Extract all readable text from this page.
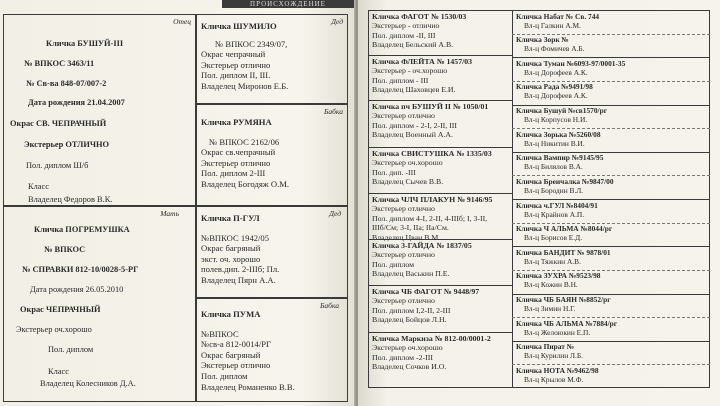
ПРОИСХОЖДЕНИЕ
Отец
Кличка БУШУЙ-III
№ ВПКОС 3463/11
№ Св-ва 848-07/007-2
Дата рождения 21.04.2007
Окрас СВ. ЧЕПРАЧНЫЙ
Экстерьер ОТЛИЧНО
Пол. диплом Ш/б
Класс
Владелец Федоров В.К.
Дед
Кличка ШУМИЛО
№ ВПКОС 2349/07,
Окрас чепрачный
Экстерьер отлично
Пол. диплом II, III.
Владелец Миронов Е.Б.
Бабка
Кличка РУМЯНА
№ ВПКОС 2162/06
Окрас св.чепрачный
Экстерьер отлично
Пол. диплом 2-III
Владелец Богодяж О.М.
Мать
Кличка ПОГРЕМУШКА
№ ВПКОС
№ СПРАВКИ 812-10/0028-5-РГ
Дата рождения 26.05.2010
Окрас ЧЕПРАЧНЫЙ
Экстерьер оч.хорошо
Пол. диплом
Класс
Владелец Колесников Д.А.
Дед
Кличка П-ГУЛ
№ВПКОС 1942/05
Окрас багряный
экст. оч. хорошо
полев.дип. 2-IIIб; Пл.
Владелец Пярн А.А.
Бабка
Кличка ПУМА
№ВПКОС
№св-а 812-0014/РГ
Окрас багряный
Экстерьер отлично
Пол. диплом
Владелец Романенко В.В.
Кличка ФАГОТ № 1530/03
Экстерьер - отлично
Пол. диплом -II, III
Владелец Бельский А.В.
Кличка ФЛЕЙТА № 1457/03
Экстерьер - оч.хорошо
Пол. диплом - III
Владелец Шаховцев Е.И.
Кличка пч БУШУЙ II № 1050/01
Экстерьер отлично
Пол. диплом - 2-I, 2-II, III
Владелец Военный А.А.
Кличка СВИСТУШКА № 1335/03
Экстерьер оч.хорошо
Пол. дип. -III
Владелец Сычев В.В.
Кличка ЧЛЧ ПЛАКУН № 9146/95
Экстерьер отлично
Пол. диплом 4-I, 2-II, 4-IIIб; I, 3-II,
IIIб/См; 3-I, IIа; IIа/См.
Владелец Цван В.М.
Кличка 3-ГАЙДА № 1837/05
Экстерьер отлично
Пол. диплом
Владелец Васькин П.Е.
Кличка ЧБ ФАГОТ № 9448/97
Экстерьер отлично
Пол. диплом I,2-II, 2-III
Владелец Бойцов Л.Н.
Кличка Маркиза № 812-00/0001-2
Экстерьер оч.хорошо
Пол. диплом -2-III
Владелец Сочков И.О.
Кличка Набат № Св. 744
Вл-ц Галкин А.М.
Кличка Зорк №
Вл-ц Фомичев А.Б.
Кличка Туман №6093-97/0001-35
Вл-ц Дорофеев А.К.
Кличка Рада №9491/98
Вл-ц Дорофеев А.К.
Кличка Бушуй №св1570/рг
Вл-ц Корпусов Н.И.
Кличка Зорька №5260/08
Вл-ц Никитин В.И.
Кличка Вампир №9145/95
Вл-ц Билялов В.А.
Кличка Бренчалка №9847/00
Вл-ц Бородин В.Л.
Кличка ч.ГУЛ №8404/91
Вл-ц Крайнов А.П.
Кличка Ч АЛЬМА №8044/рг
Вл-ц Борисов Е.Д.
Кличка БАНДИТ № 9878/01
Вл-ц Тяжкин А.В.
Кличка ЗУХРА №9523/98
Вл-ц Кожин В.Н.
Кличка ЧБ БАЯН №8852/рг
Вл-ц Зимин Н.Г.
Кличка ЧБ АЛЬМА №7884/рг
Вл-ц Желоюкин Е.П.
Кличка Пират №
Вл-ц Курилин Л.Б.
Кличка НОТА №9462/98
Вл-ц Крылов М.Ф.
